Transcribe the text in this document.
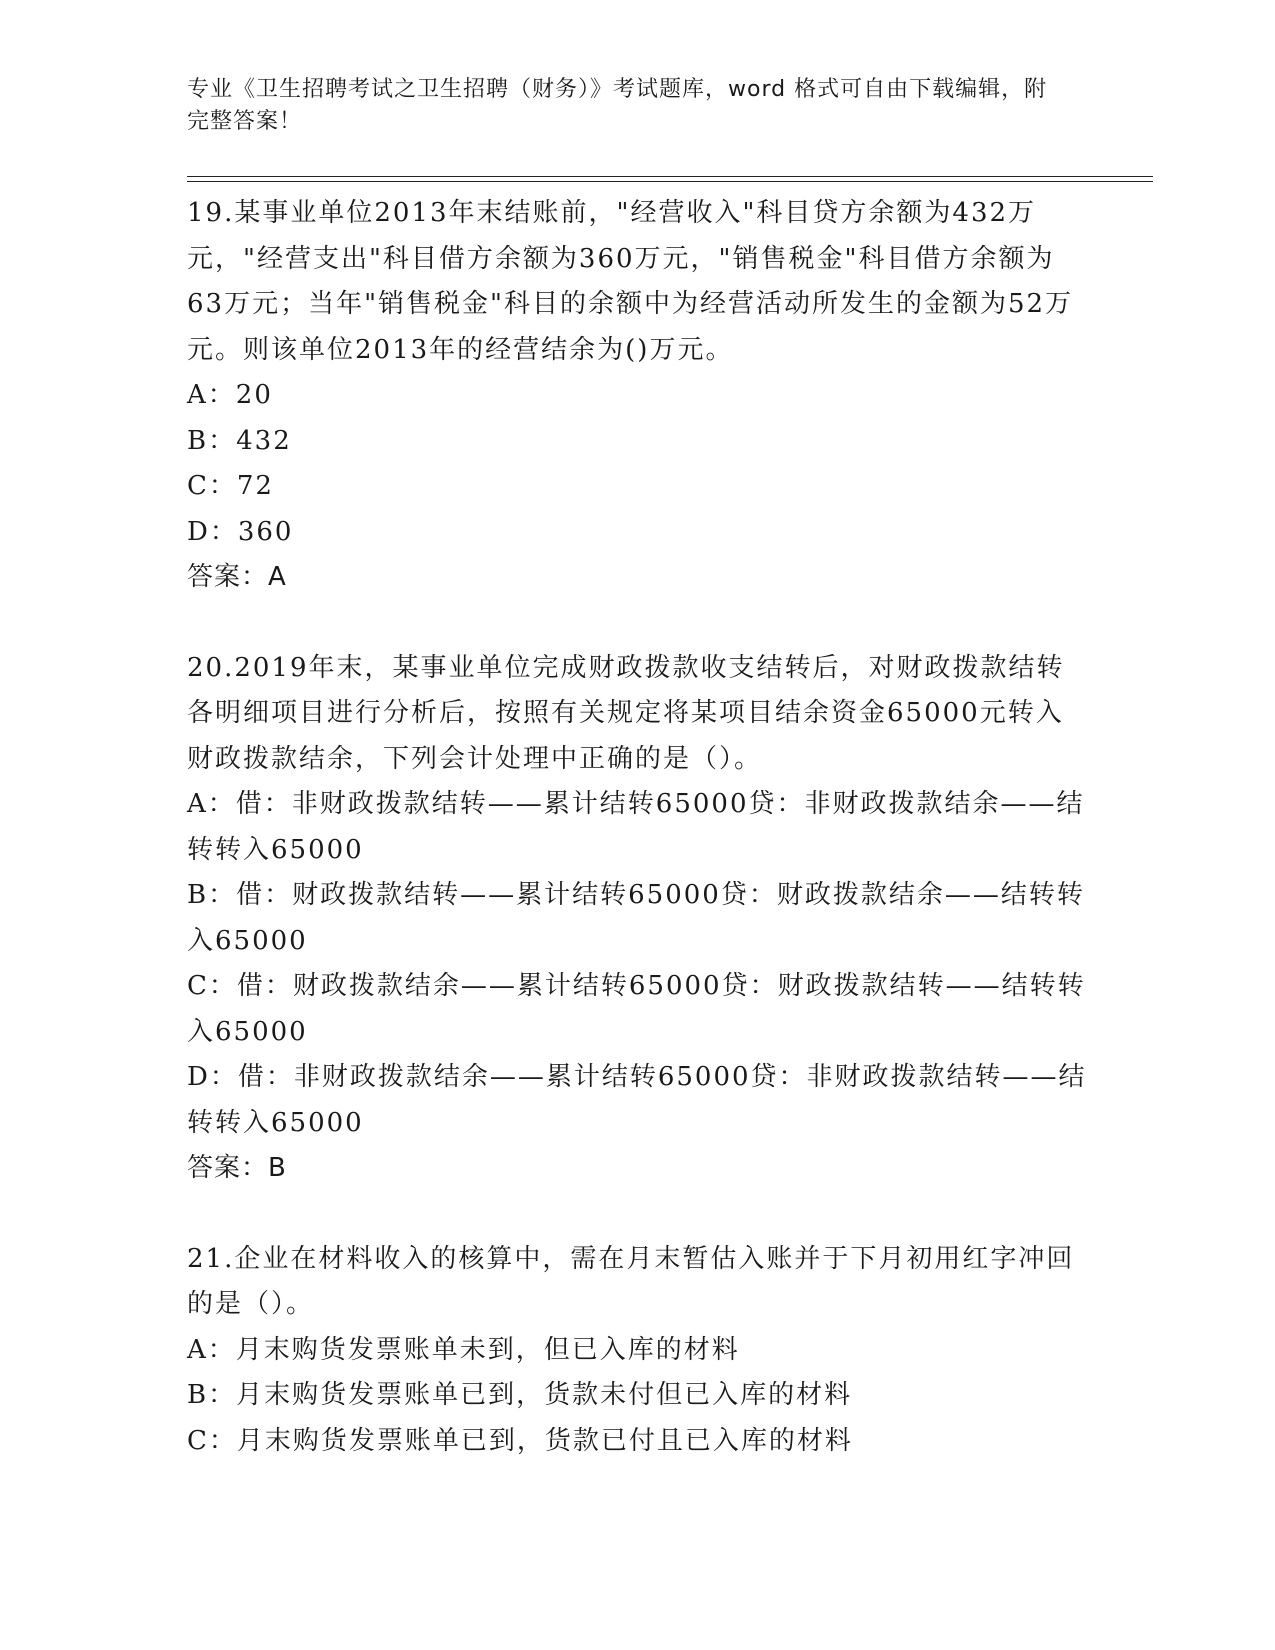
专业《卫生招聘考试之卫生招聘（财务）》考试题库，word 格式可自由下载编辑，附完整答案！

19.某事业单位2013年末结账前，"经营收入"科目贷方余额为432万元，"经营支出"科目借方余额为360万元，"销售税金"科目借方余额为63万元；当年"销售税金"科目的余额中为经营活动所发生的金额为52万元。则该单位2013年的经营结余为()万元。

A：20

B：432

C：72

D：360

答案：A

20.2019年末，某事业单位完成财政拨款收支结转后，对财政拨款结转各明细项目进行分析后，按照有关规定将某项目结余资金65000元转入财政拨款结余，下列会计处理中正确的是（）。

A：借：非财政拨款结转——累计结转65000贷：非财政拨款结余——结转转入65000

B：借：财政拨款结转——累计结转65000贷：财政拨款结余——结转转入65000

C：借：财政拨款结余——累计结转65000贷：财政拨款结转——结转转入65000

D：借：非财政拨款结余——累计结转65000贷：非财政拨款结转——结转转入65000

答案：B

21.企业在材料收入的核算中，需在月末暂估入账并于下月初用红字冲回的是（）。

A：月末购货发票账单未到，但已入库的材料

B：月末购货发票账单已到，货款未付但已入库的材料

C：月末购货发票账单已到，货款已付且已入库的材料
